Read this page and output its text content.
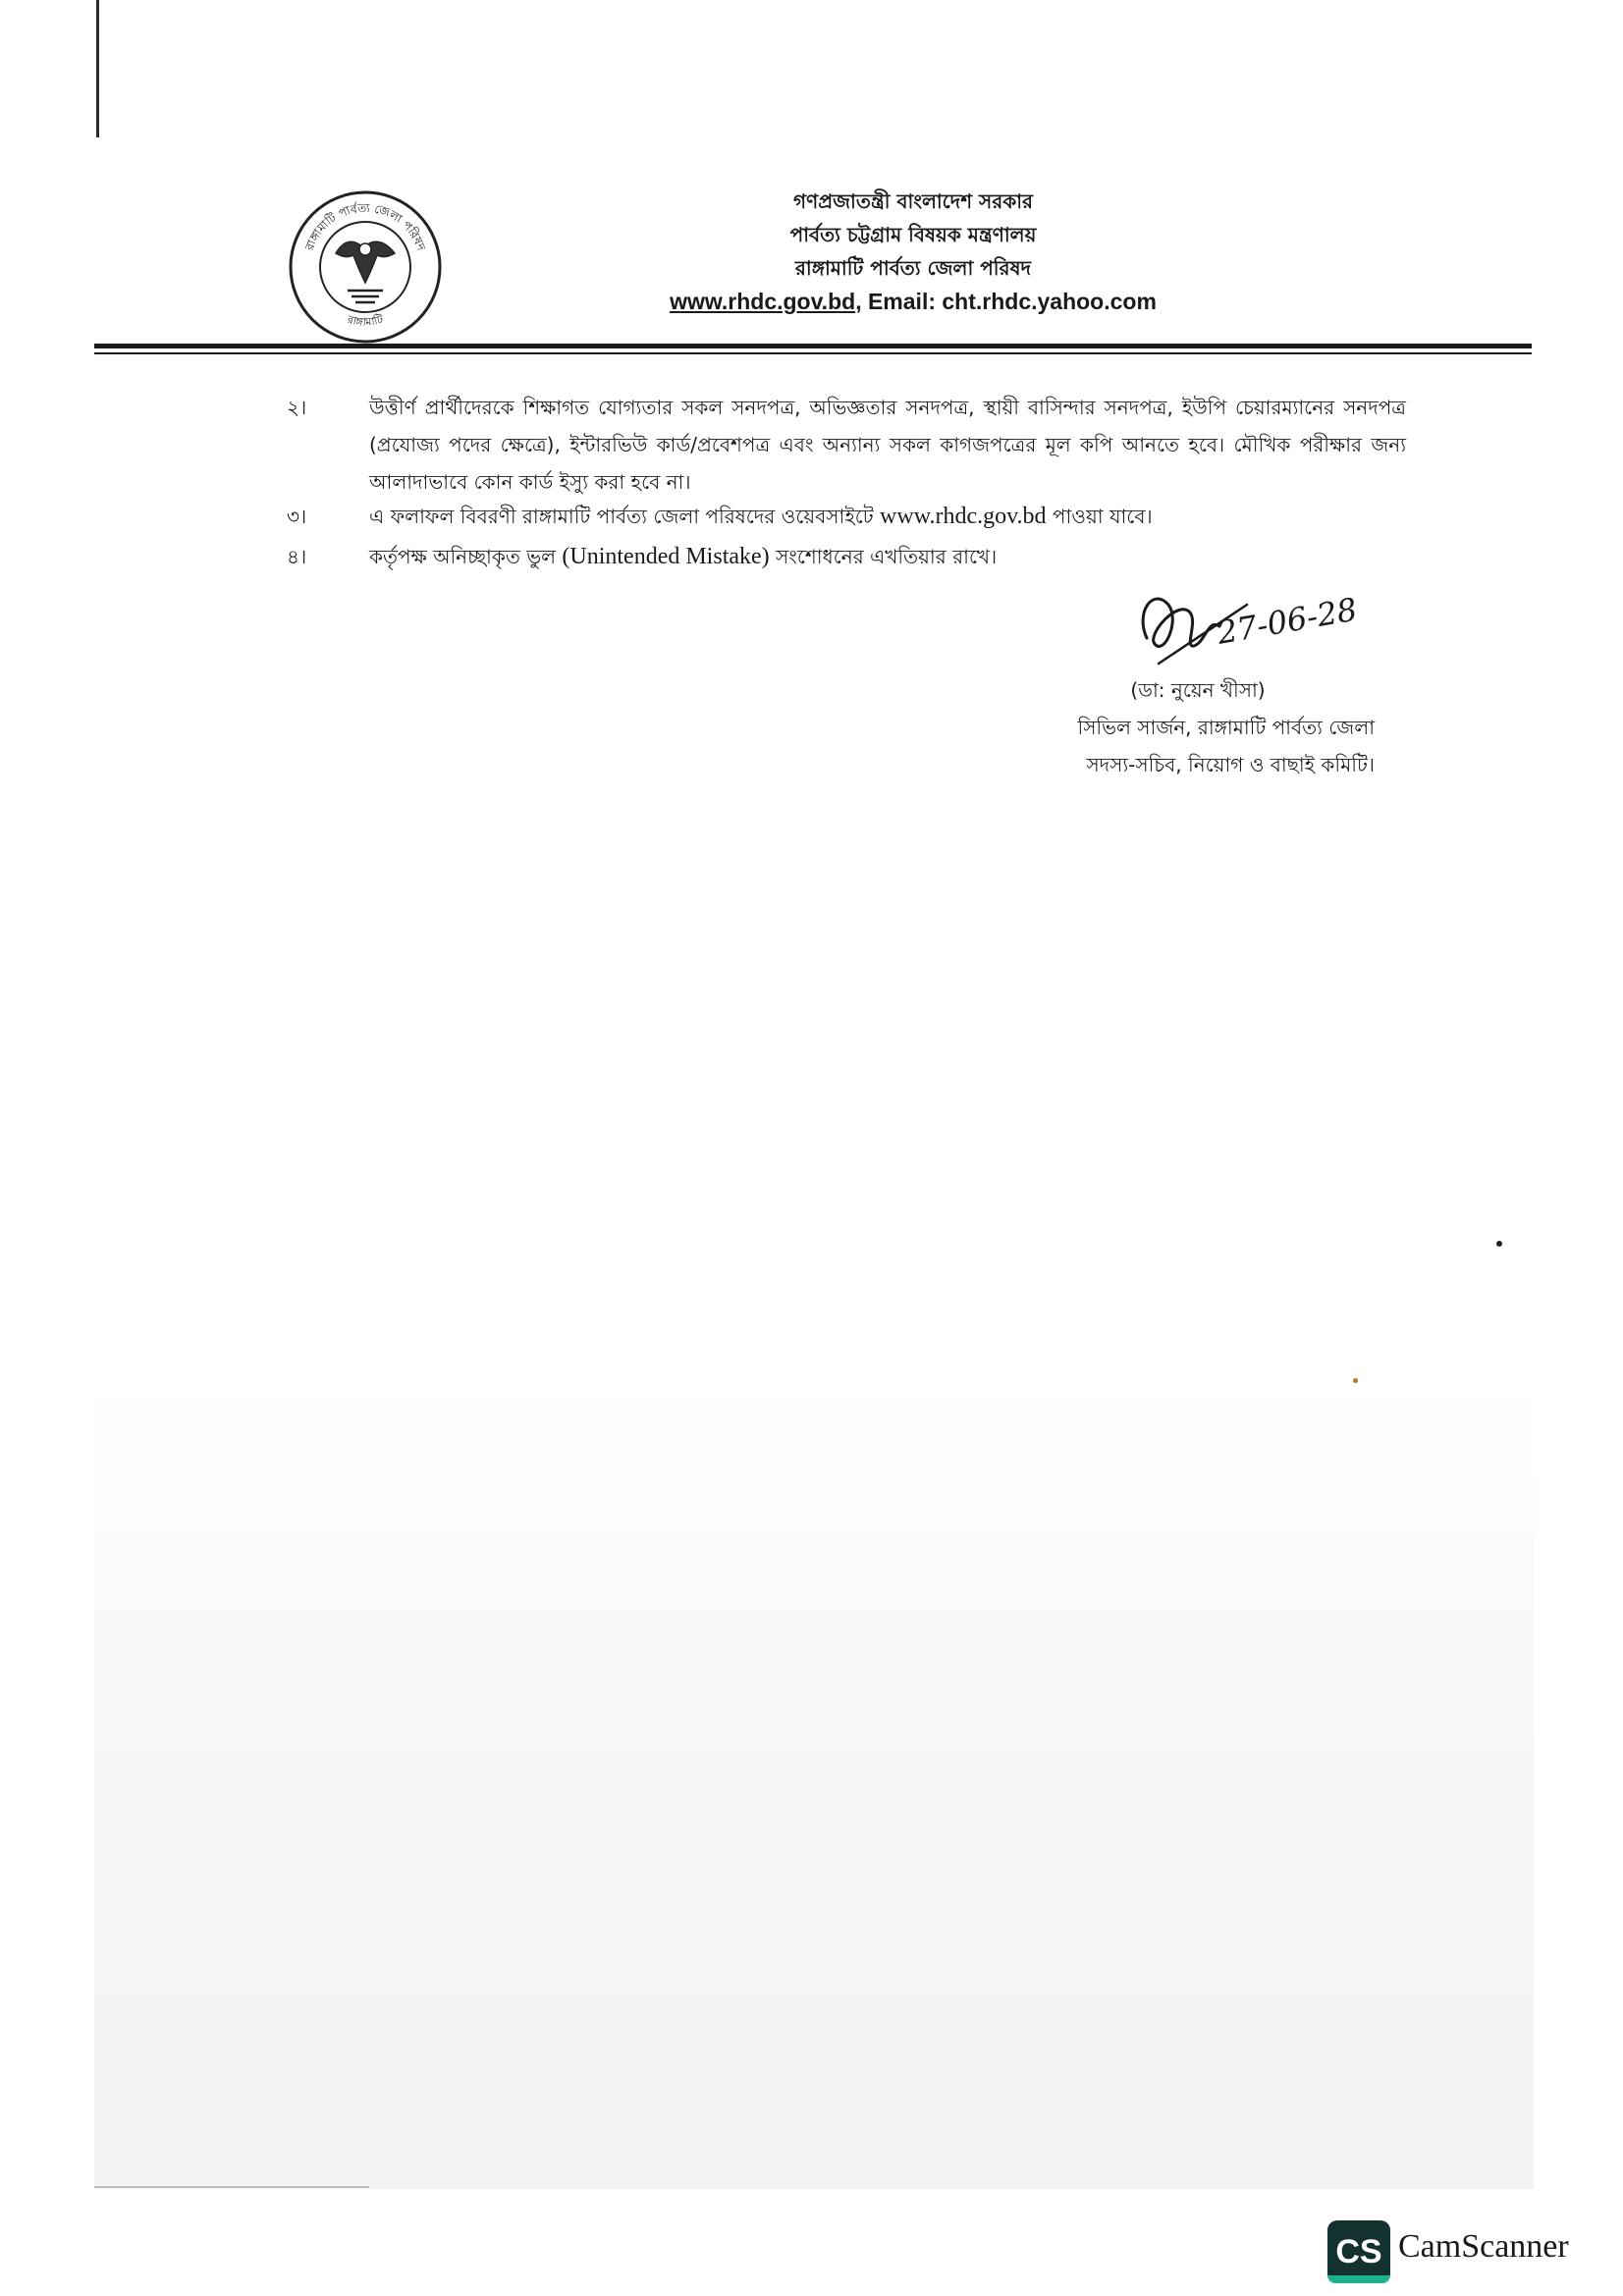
রাঙ্গামাটি পার্বত্য জেলা পরিষদ
রাঙ্গামাটি
গণপ্রজাতন্ত্রী বাংলাদেশ সরকার
পার্বত্য চট্টগ্রাম বিষয়ক মন্ত্রণালয়
রাঙ্গামাটি পার্বত্য জেলা পরিষদ
www.rhdc.gov.bd, Email: cht.rhdc.yahoo.com
২।	উত্তীর্ণ প্রার্থীদেরকে শিক্ষাগত যোগ্যতার সকল সনদপত্র, অভিজ্ঞতার সনদপত্র, স্থায়ী বাসিন্দার সনদপত্র, ইউপি চেয়ারম্যানের সনদপত্র (প্রযোজ্য পদের ক্ষেত্রে), ইন্টারভিউ কার্ড/প্রবেশপত্র এবং অন্যান্য সকল কাগজপত্রের মূল কপি আনতে হবে। মৌখিক পরীক্ষার জন্য আলাদাভাবে কোন কার্ড ইস্যু করা হবে না।
৩।	এ ফলাফল বিবরণী রাঙ্গামাটি পার্বত্য জেলা পরিষদের ওয়েবসাইটে www.rhdc.gov.bd পাওয়া যাবে।
৪।	কর্তৃপক্ষ অনিচ্ছাকৃত ভুল (Unintended Mistake) সংশোধনের এখতিয়ার রাখে।
27-06-28
(ডা: নুয়েন খীসা)
সিভিল সার্জন, রাঙ্গামাটি পার্বত্য জেলা
সদস্য-সচিব, নিয়োগ ও বাছাই কমিটি।
CS CamScanner
